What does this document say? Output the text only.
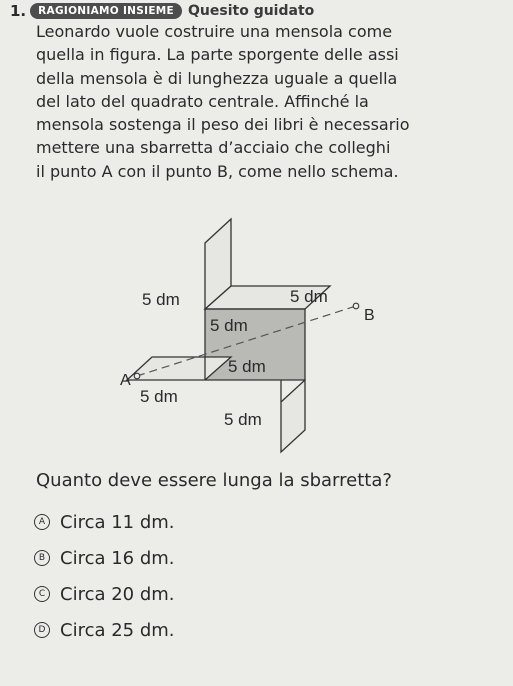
1.	RAGIONIAMO INSIEME	Quesito guidato
Leonardo vuole costruire una mensola come
quella in figura. La parte sporgente delle assi
della mensola è di lunghezza uguale a quella
del lato del quadrato centrale. Affinché la
mensola sostenga il peso dei libri è necessario
mettere una sbarretta d’acciaio che colleghi
il punto A con il punto B, come nello schema.
5 dm	5 dm
5 dm
5 dm
5 dm
5 dm
A
B
Quanto deve essere lunga la sbarretta?
A Circa 11 dm.
B Circa 16 dm.
C Circa 20 dm.
D Circa 25 dm.
